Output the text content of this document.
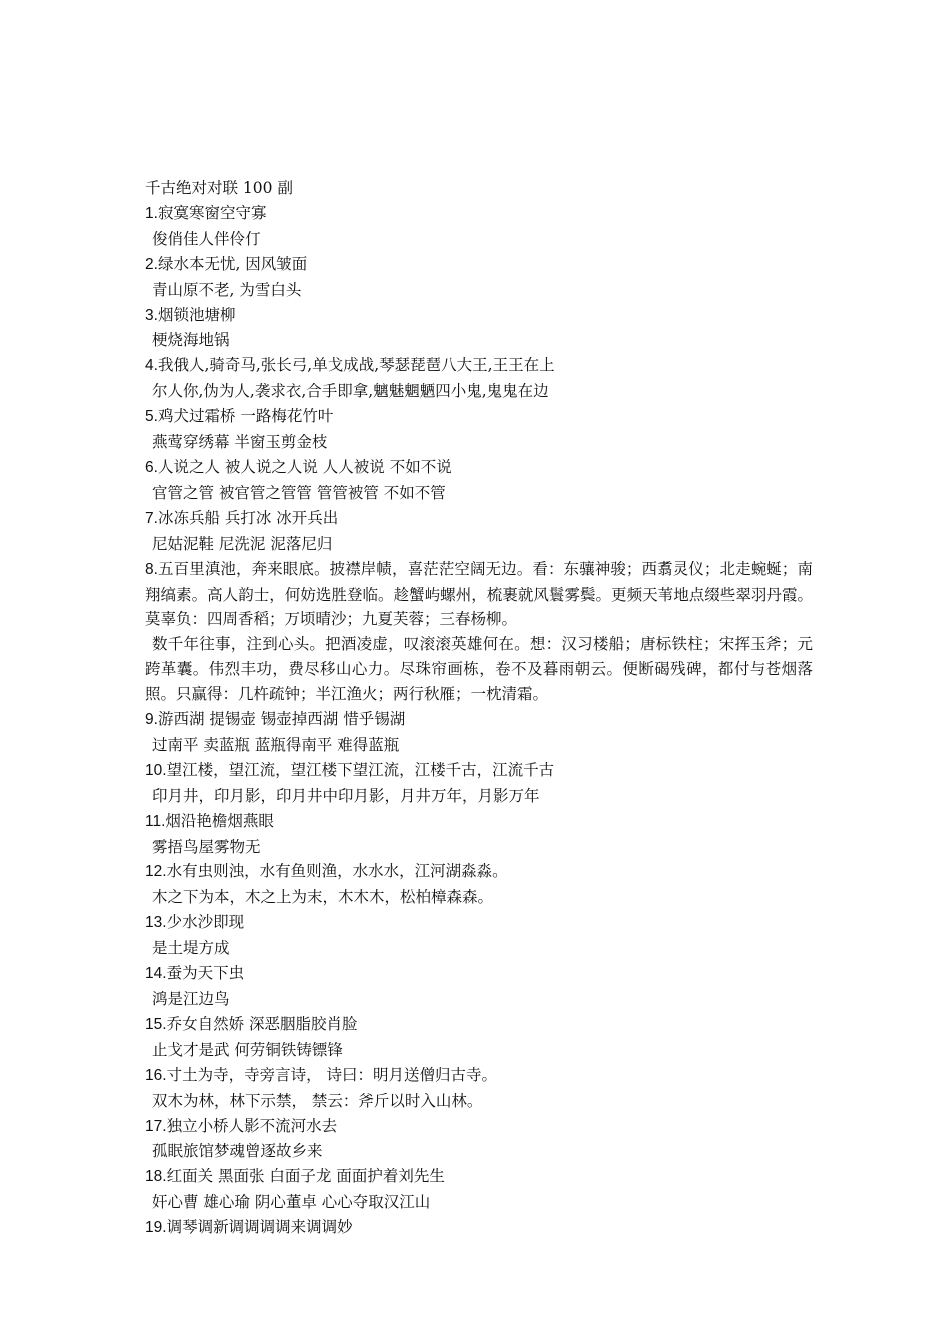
千古绝对对联 100 副

1.寂寞寒窗空守寡

俊俏佳人伴伶仃

2.绿水本无忧, 因风皱面

青山原不老, 为雪白头

3.烟锁池塘柳

梗烧海地锅

4.我俄人,骑奇马,张长弓,单戈成战,琴瑟琵琶八大王,王王在上

尔人你,伪为人,袭求衣,合手即拿,魑魅魍魉四小鬼,鬼鬼在边

5.鸡犬过霜桥 一路梅花竹叶

燕莺穿绣幕 半窗玉剪金枝

6.人说之人 被人说之人说 人人被说 不如不说

官管之管 被官管之管管 管管被管 不如不管

7.冰冻兵船 兵打冰 冰开兵出

尼姑泥鞋 尼洗泥 泥落尼归

8.五百里滇池，奔来眼底。披襟岸帻，喜茫茫空阔无边。看：东骧神骏；西翥灵仪；北走蜿蜒；南翔缟素。高人韵士，何妨选胜登临。趁蟹屿螺州，梳裹就风鬟雾鬓。更频天苇地点缀些翠羽丹霞。莫辜负：四周香稻；万顷晴沙；九夏芙蓉；三春杨柳。

数千年往事，注到心头。把酒凌虚，叹滚滚英雄何在。想：汉习楼船；唐标铁柱；宋挥玉斧；元跨革囊。伟烈丰功，费尽移山心力。尽珠帘画栋，卷不及暮雨朝云。便断碣残碑，都付与苍烟落照。只赢得：几杵疏钟；半江渔火；两行秋雁；一枕清霜。

9.游西湖 提锡壶 锡壶掉西湖 惜乎锡湖

过南平 卖蓝瓶 蓝瓶得南平 难得蓝瓶

10.望江楼，望江流，望江楼下望江流，江楼千古，江流千古

印月井，印月影，印月井中印月影，月井万年，月影万年

11.烟沿艳檐烟燕眼

雾捂鸟屋雾物无

12.水有虫则浊，水有鱼则渔，水水水，江河湖淼淼。

木之下为本，木之上为末，木木木，松柏樟森森。

13.少水沙即现

是土堤方成

14.蚕为天下虫

鸿是江边鸟

15.乔女自然娇 深恶胭脂胶肖脸

止戈才是武 何劳铜铁铸镖锋

16.寸土为寺，寺旁言诗， 诗曰：明月送僧归古寺。

双木为林，林下示禁， 禁云：斧斤以时入山林。

17.独立小桥人影不流河水去

孤眠旅馆梦魂曾逐故乡来

18.红面关 黑面张 白面子龙 面面护着刘先生

奸心曹 雄心瑜 阴心董卓 心心夺取汉江山

19.调琴调新调调调调来调调妙
